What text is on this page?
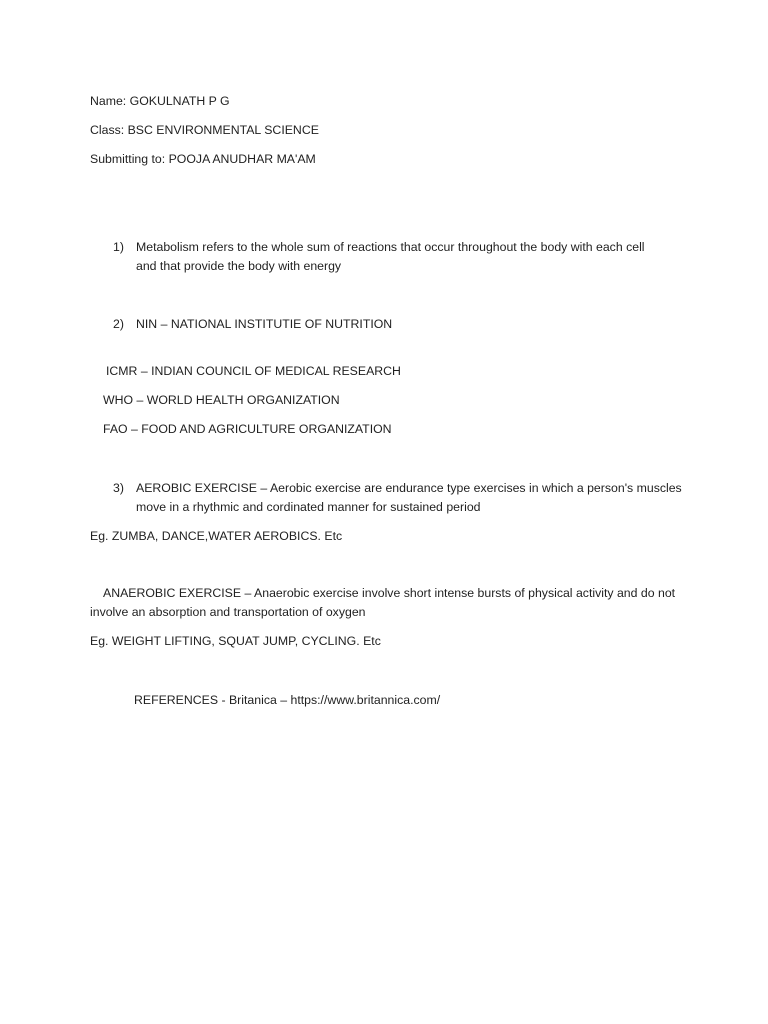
Name: GOKULNATH P G
Class: BSC ENVIRONMENTAL SCIENCE
Submitting to: POOJA ANUDHAR MA'AM
1) Metabolism refers to the whole sum of reactions that occur throughout the body with each cell
and that provide the body with energy
2) NIN – NATIONAL INSTITUTIE OF NUTRITION
ICMR – INDIAN COUNCIL OF MEDICAL RESEARCH
WHO – WORLD HEALTH ORGANIZATION
FAO – FOOD AND AGRICULTURE ORGANIZATION
3) AEROBIC EXERCISE – Aerobic exercise are endurance type exercises in which a person's muscles
move in a rhythmic and cordinated manner for sustained period
Eg. ZUMBA, DANCE,WATER AEROBICS. Etc
ANAEROBIC EXERCISE – Anaerobic exercise involve short intense bursts of physical activity and do not
involve an absorption and transportation of oxygen
Eg. WEIGHT LIFTING, SQUAT JUMP, CYCLING. Etc
REFERENCES - Britanica – https://www.britannica.com/
